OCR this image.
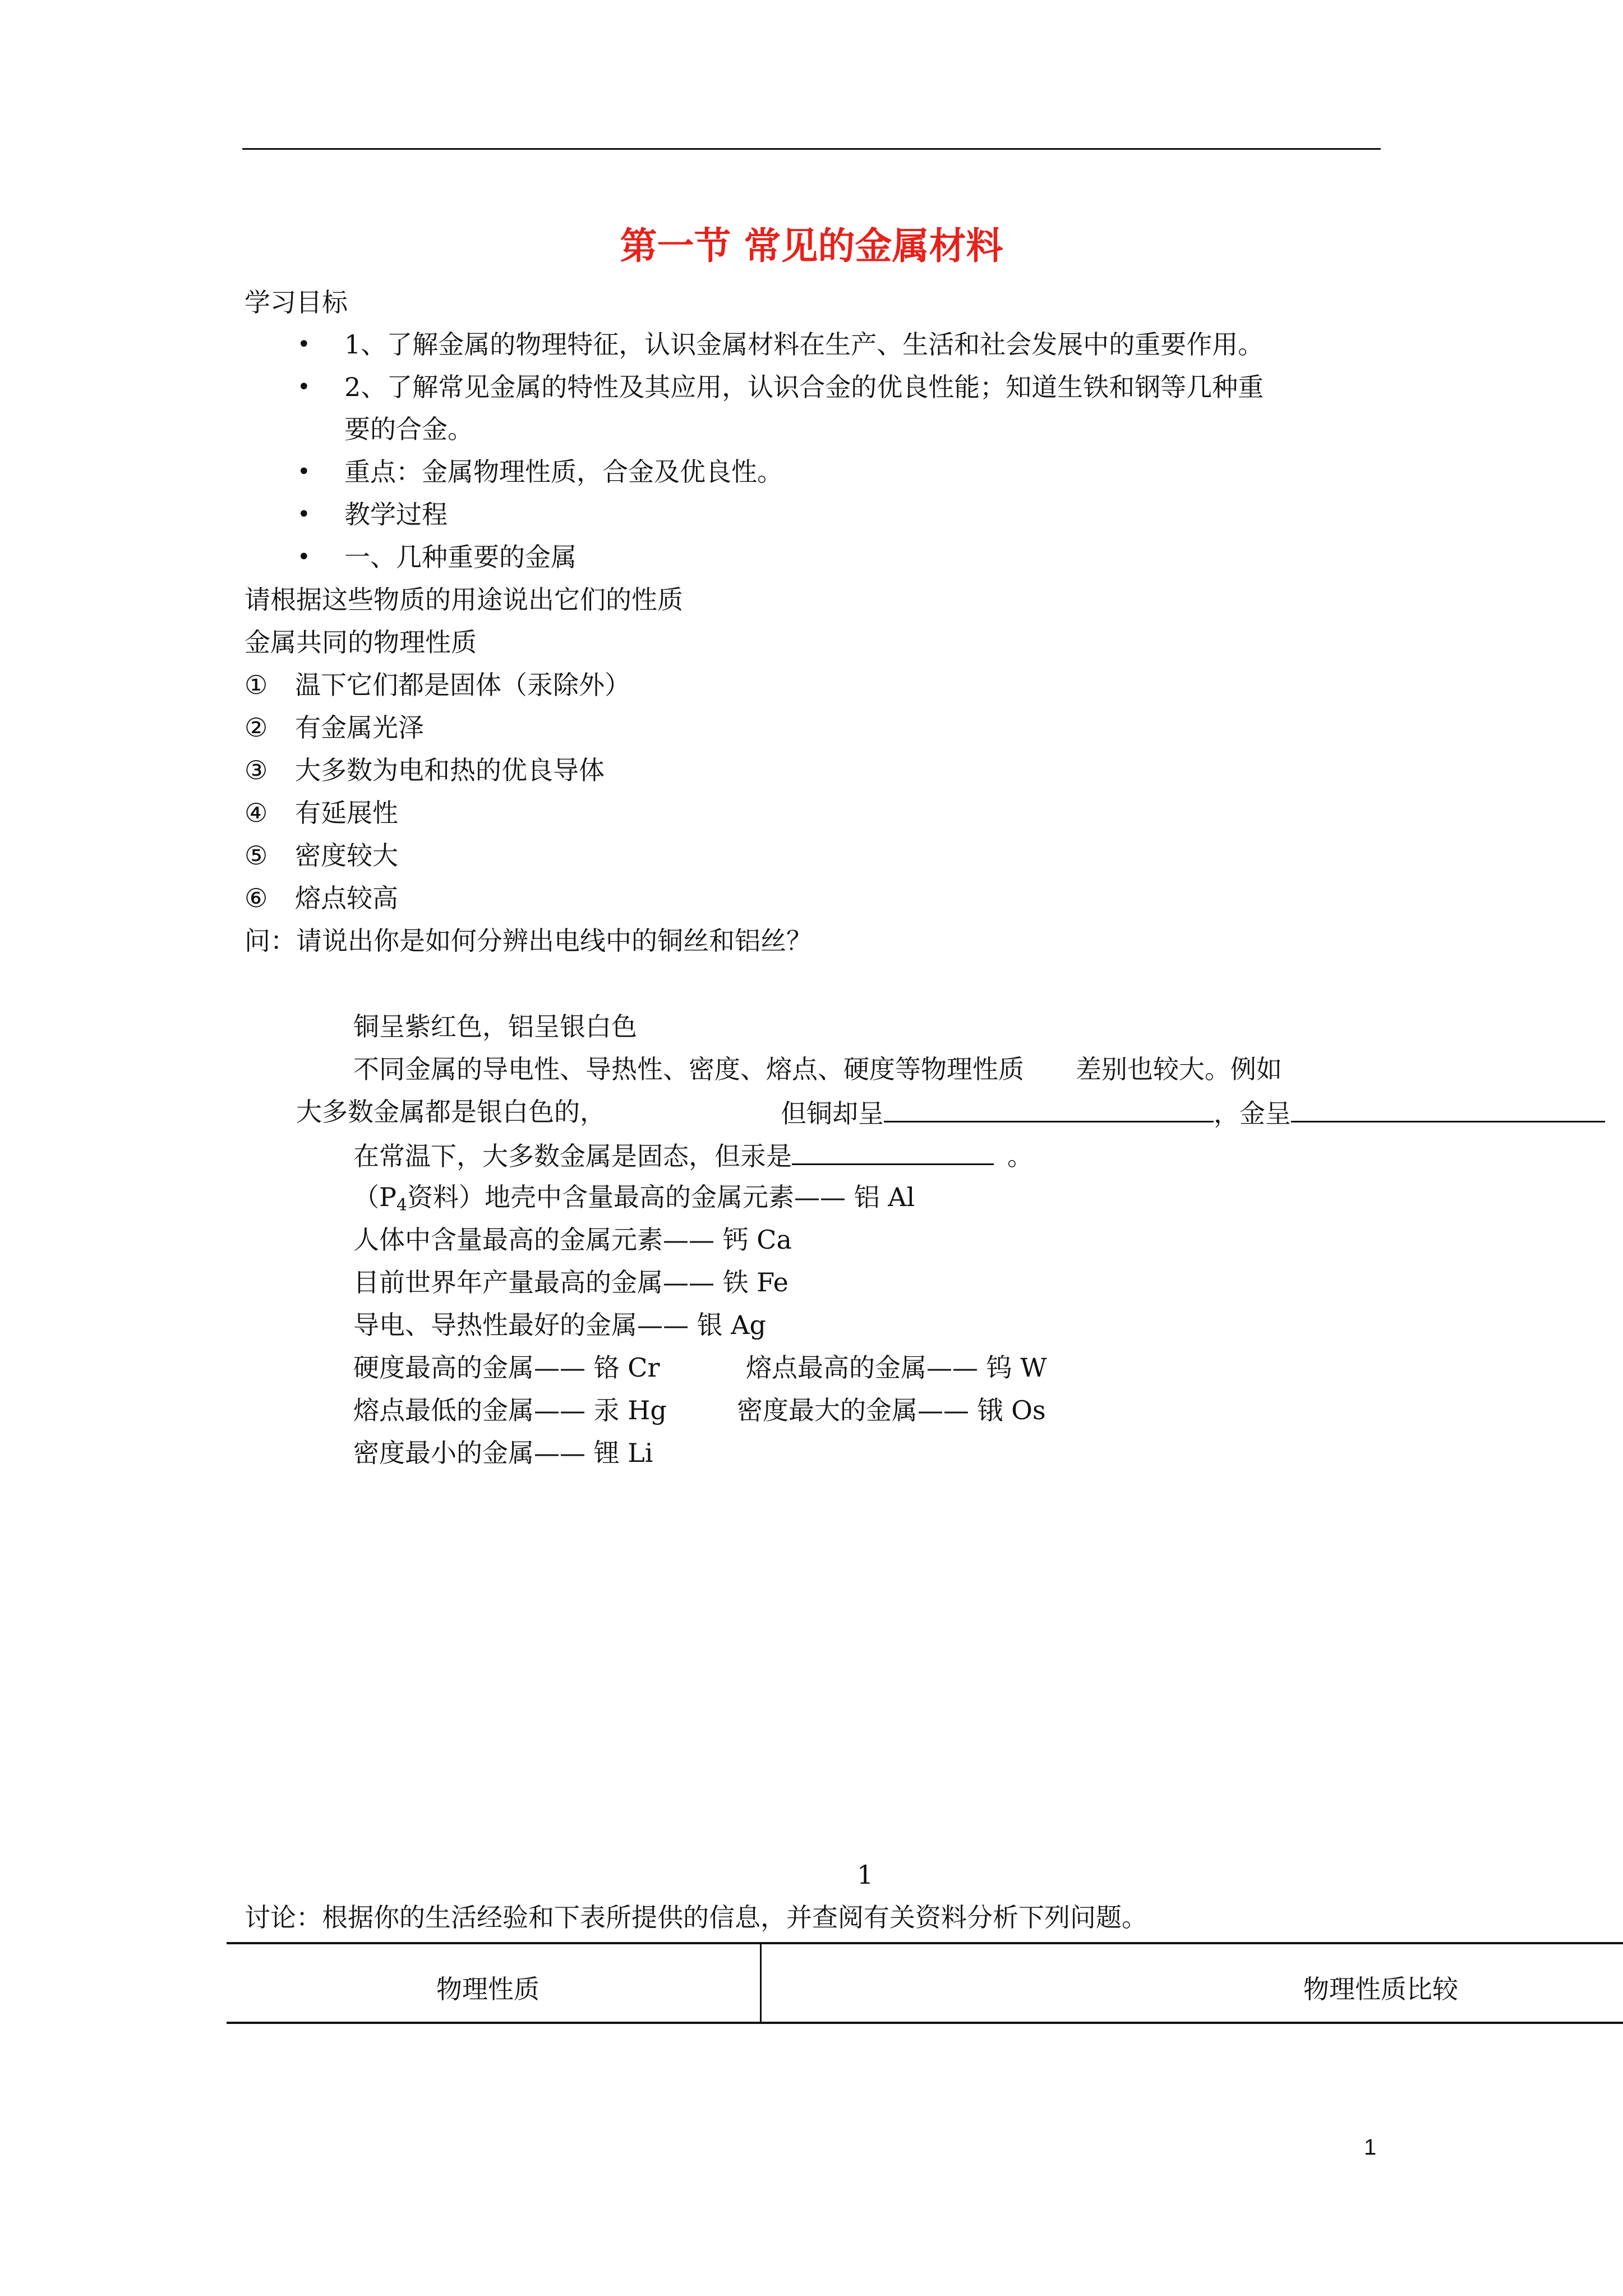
第一节 常见的金属材料
学习目标
• 1、了解金属的物理特征，认识金属材料在生产、生活和社会发展中的重要作用。
• 2、了解常见金属的特性及其应用，认识合金的优良性能；知道生铁和钢等几种重
要的合金。
• 重点：金属物理性质，合金及优良性。
• 教学过程
• 一、几种重要的金属
请根据这些物质的用途说出它们的性质
金属共同的物理性质
① 温下它们都是固体（汞除外）
② 有金属光泽
③ 大多数为电和热的优良导体
④ 有延展性
⑤ 密度较大
⑥ 熔点较高
问：请说出你是如何分辨出电线中的铜丝和铝丝？
铜呈紫红色，铝呈银白色
不同金属的导电性、导热性、密度、熔点、硬度等物理性质　　差别也较大。例如
大多数金属都是银白色的，	但铜却呈	，金呈
在常温下，大多数金属是固态，但汞是	。
（$P_4$资料）地壳中含量最高的金属元素—— 铝 Al
人体中含量最高的金属元素—— 钙 Ca
目前世界年产量最高的金属—— 铁 Fe
导电、导热性最好的金属—— 银 Ag
硬度最高的金属—— 铬 Cr	熔点最高的金属—— 钨 W
熔点最低的金属—— 汞 Hg	密度最大的金属—— 锇 Os
密度最小的金属—— 锂 Li
1
讨论：根据你的生活经验和下表所提供的信息，并查阅有关资料分析下列问题。
物理性质	物理性质比较
1
